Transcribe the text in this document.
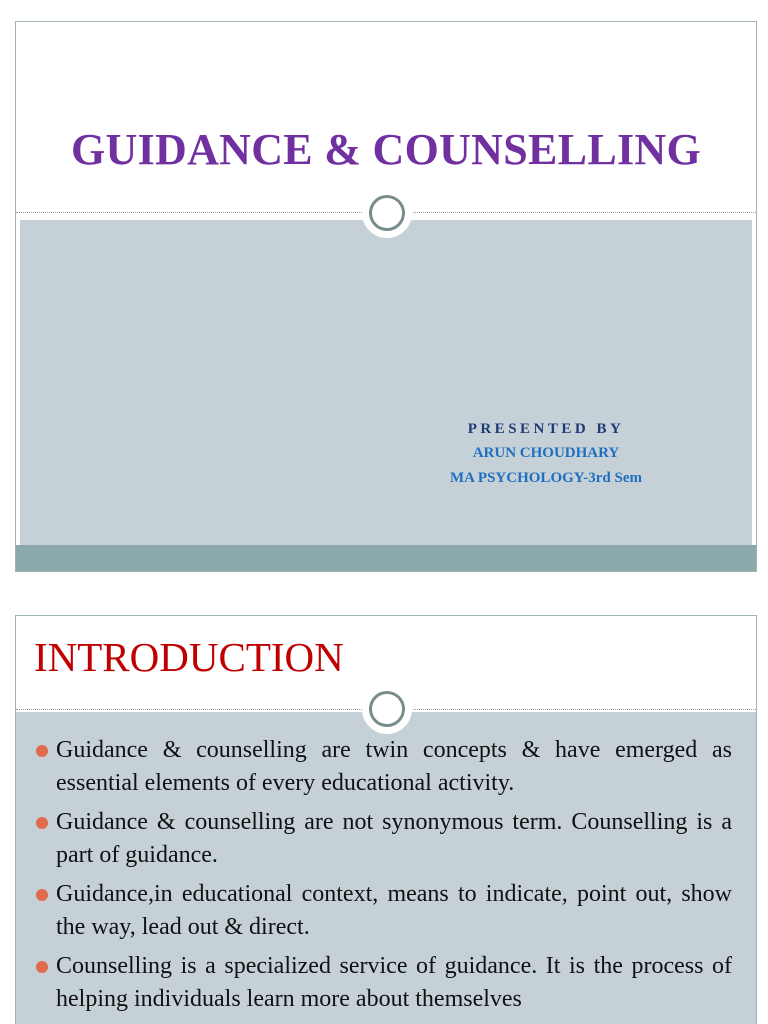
GUIDANCE & COUNSELLING
PRESENTED BY
ARUN CHOUDHARY
MA PSYCHOLOGY-3rd Sem
INTRODUCTION
Guidance & counselling are twin concepts & have emerged as essential elements of every educational activity.
Guidance & counselling are not synonymous term. Counselling is a part of guidance.
Guidance,in educational context, means to indicate, point out, show the way, lead out & direct.
Counselling is a specialized service of guidance. It is the process of helping individuals learn more about themselves
